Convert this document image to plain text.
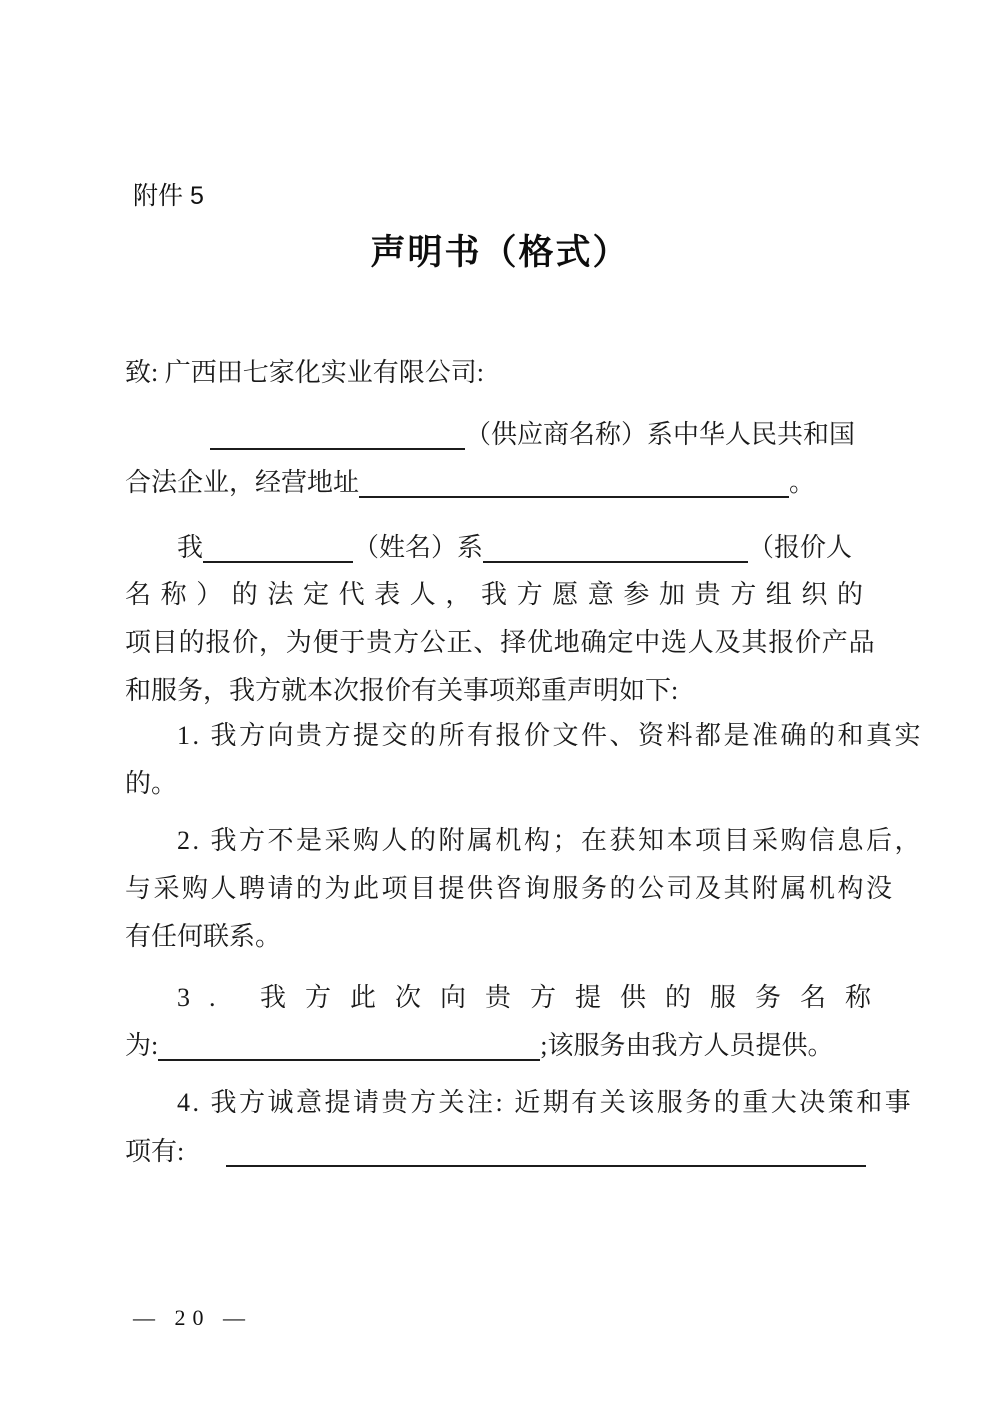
附件 5
声明书（格式）
致: 广西田七家化实业有限公司:
（供应商名称）系中华人民共和国
合法企业，经营地址	。
我	（姓名）系	（报价人
名称）的法定代表人，我方愿意参加贵方组织的
项目的报价，为便于贵方公正、择优地确定中选人及其报价产品
和服务，我方就本次报价有关事项郑重声明如下:
1. 我方向贵方提交的所有报价文件、资料都是准确的和真实
的。
2. 我方不是采购人的附属机构；在获知本项目采购信息后，
与采购人聘请的为此项目提供咨询服务的公司及其附属机构没
有任何联系。
3. 我方此次向贵方提供的服务名称
为:	;该服务由我方人员提供。
4. 我方诚意提请贵方关注: 近期有关该服务的重大决策和事
项有:
— 20 —
